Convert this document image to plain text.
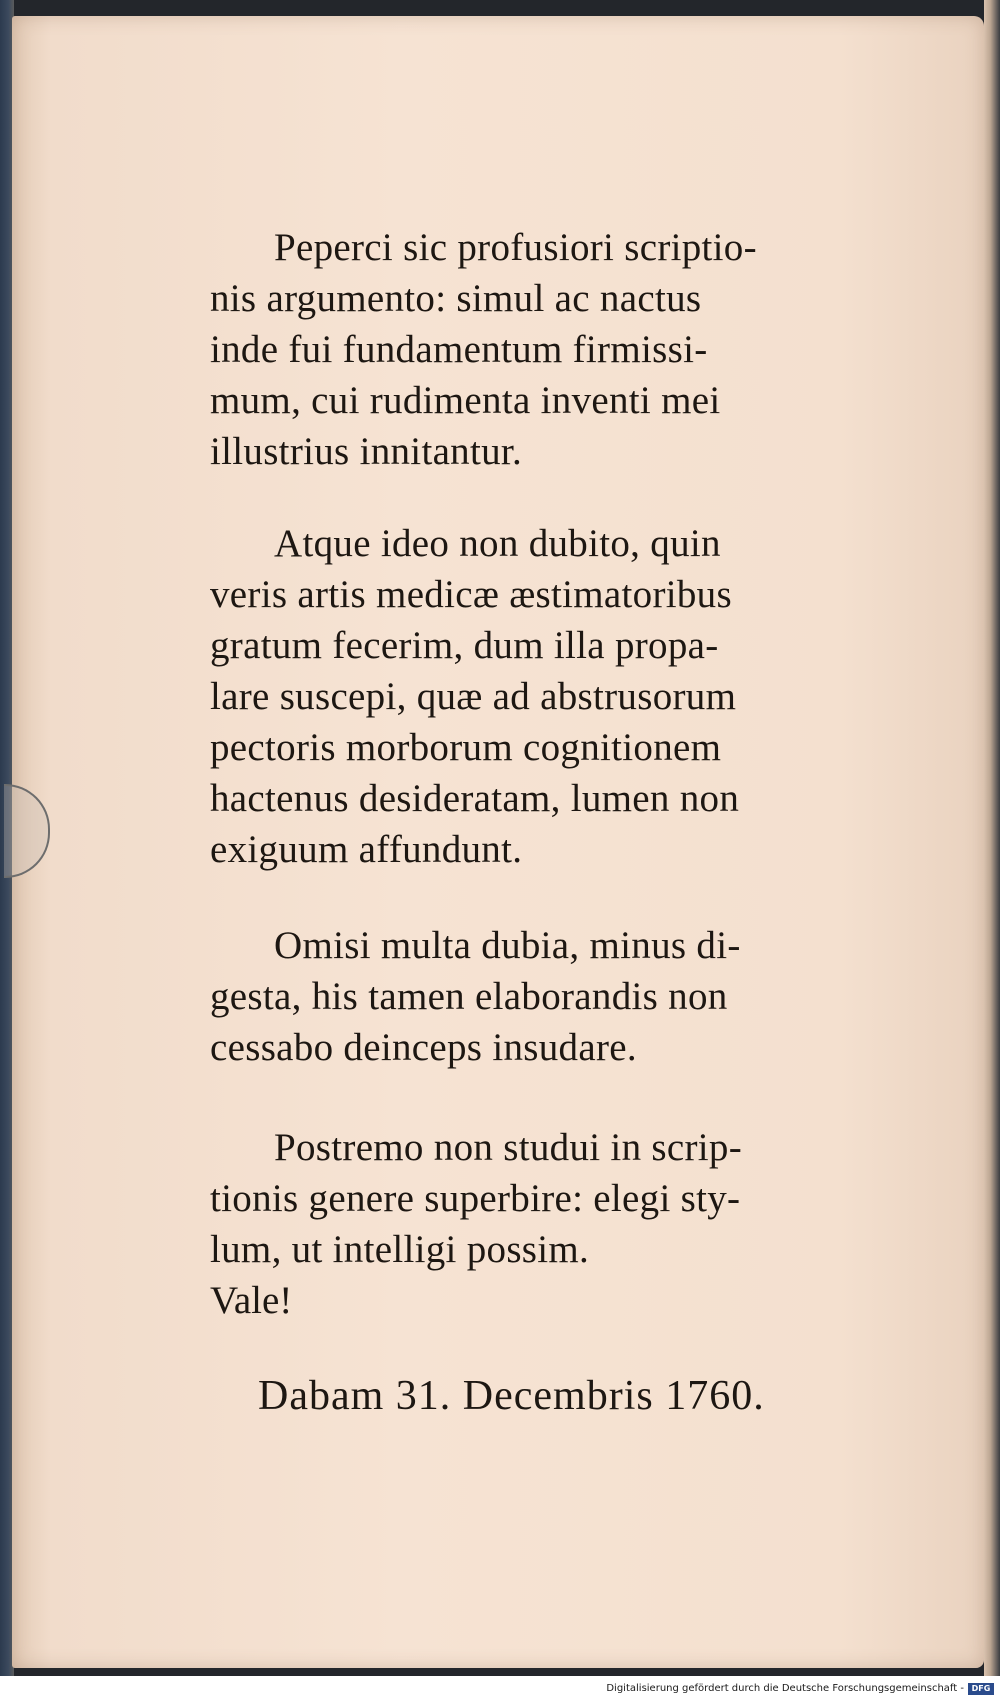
Peperci sic profusiori scriptio-

nis argumento: simul ac nactus

inde fui fundamentum firmissi-

mum, cui rudimenta inventi mei

illustrius innitantur.

Atque ideo non dubito, quin

veris artis medicæ æstimatoribus

gratum fecerim, dum illa propa-

lare suscepi, quæ ad abstrusorum

pectoris morborum cognitionem

hactenus desideratam, lumen non

exiguum affundunt.

Omisi multa dubia, minus di-

gesta, his tamen elaborandis non

cessabo deinceps insudare.

Postremo non studui in scrip-

tionis genere superbire: elegi sty-

lum, ut intelligi possim.

Vale!
Dabam 31. Decembris 1760.
Digitalisierung gefördert durch die Deutsche Forschungsgemeinschaft - DFG
